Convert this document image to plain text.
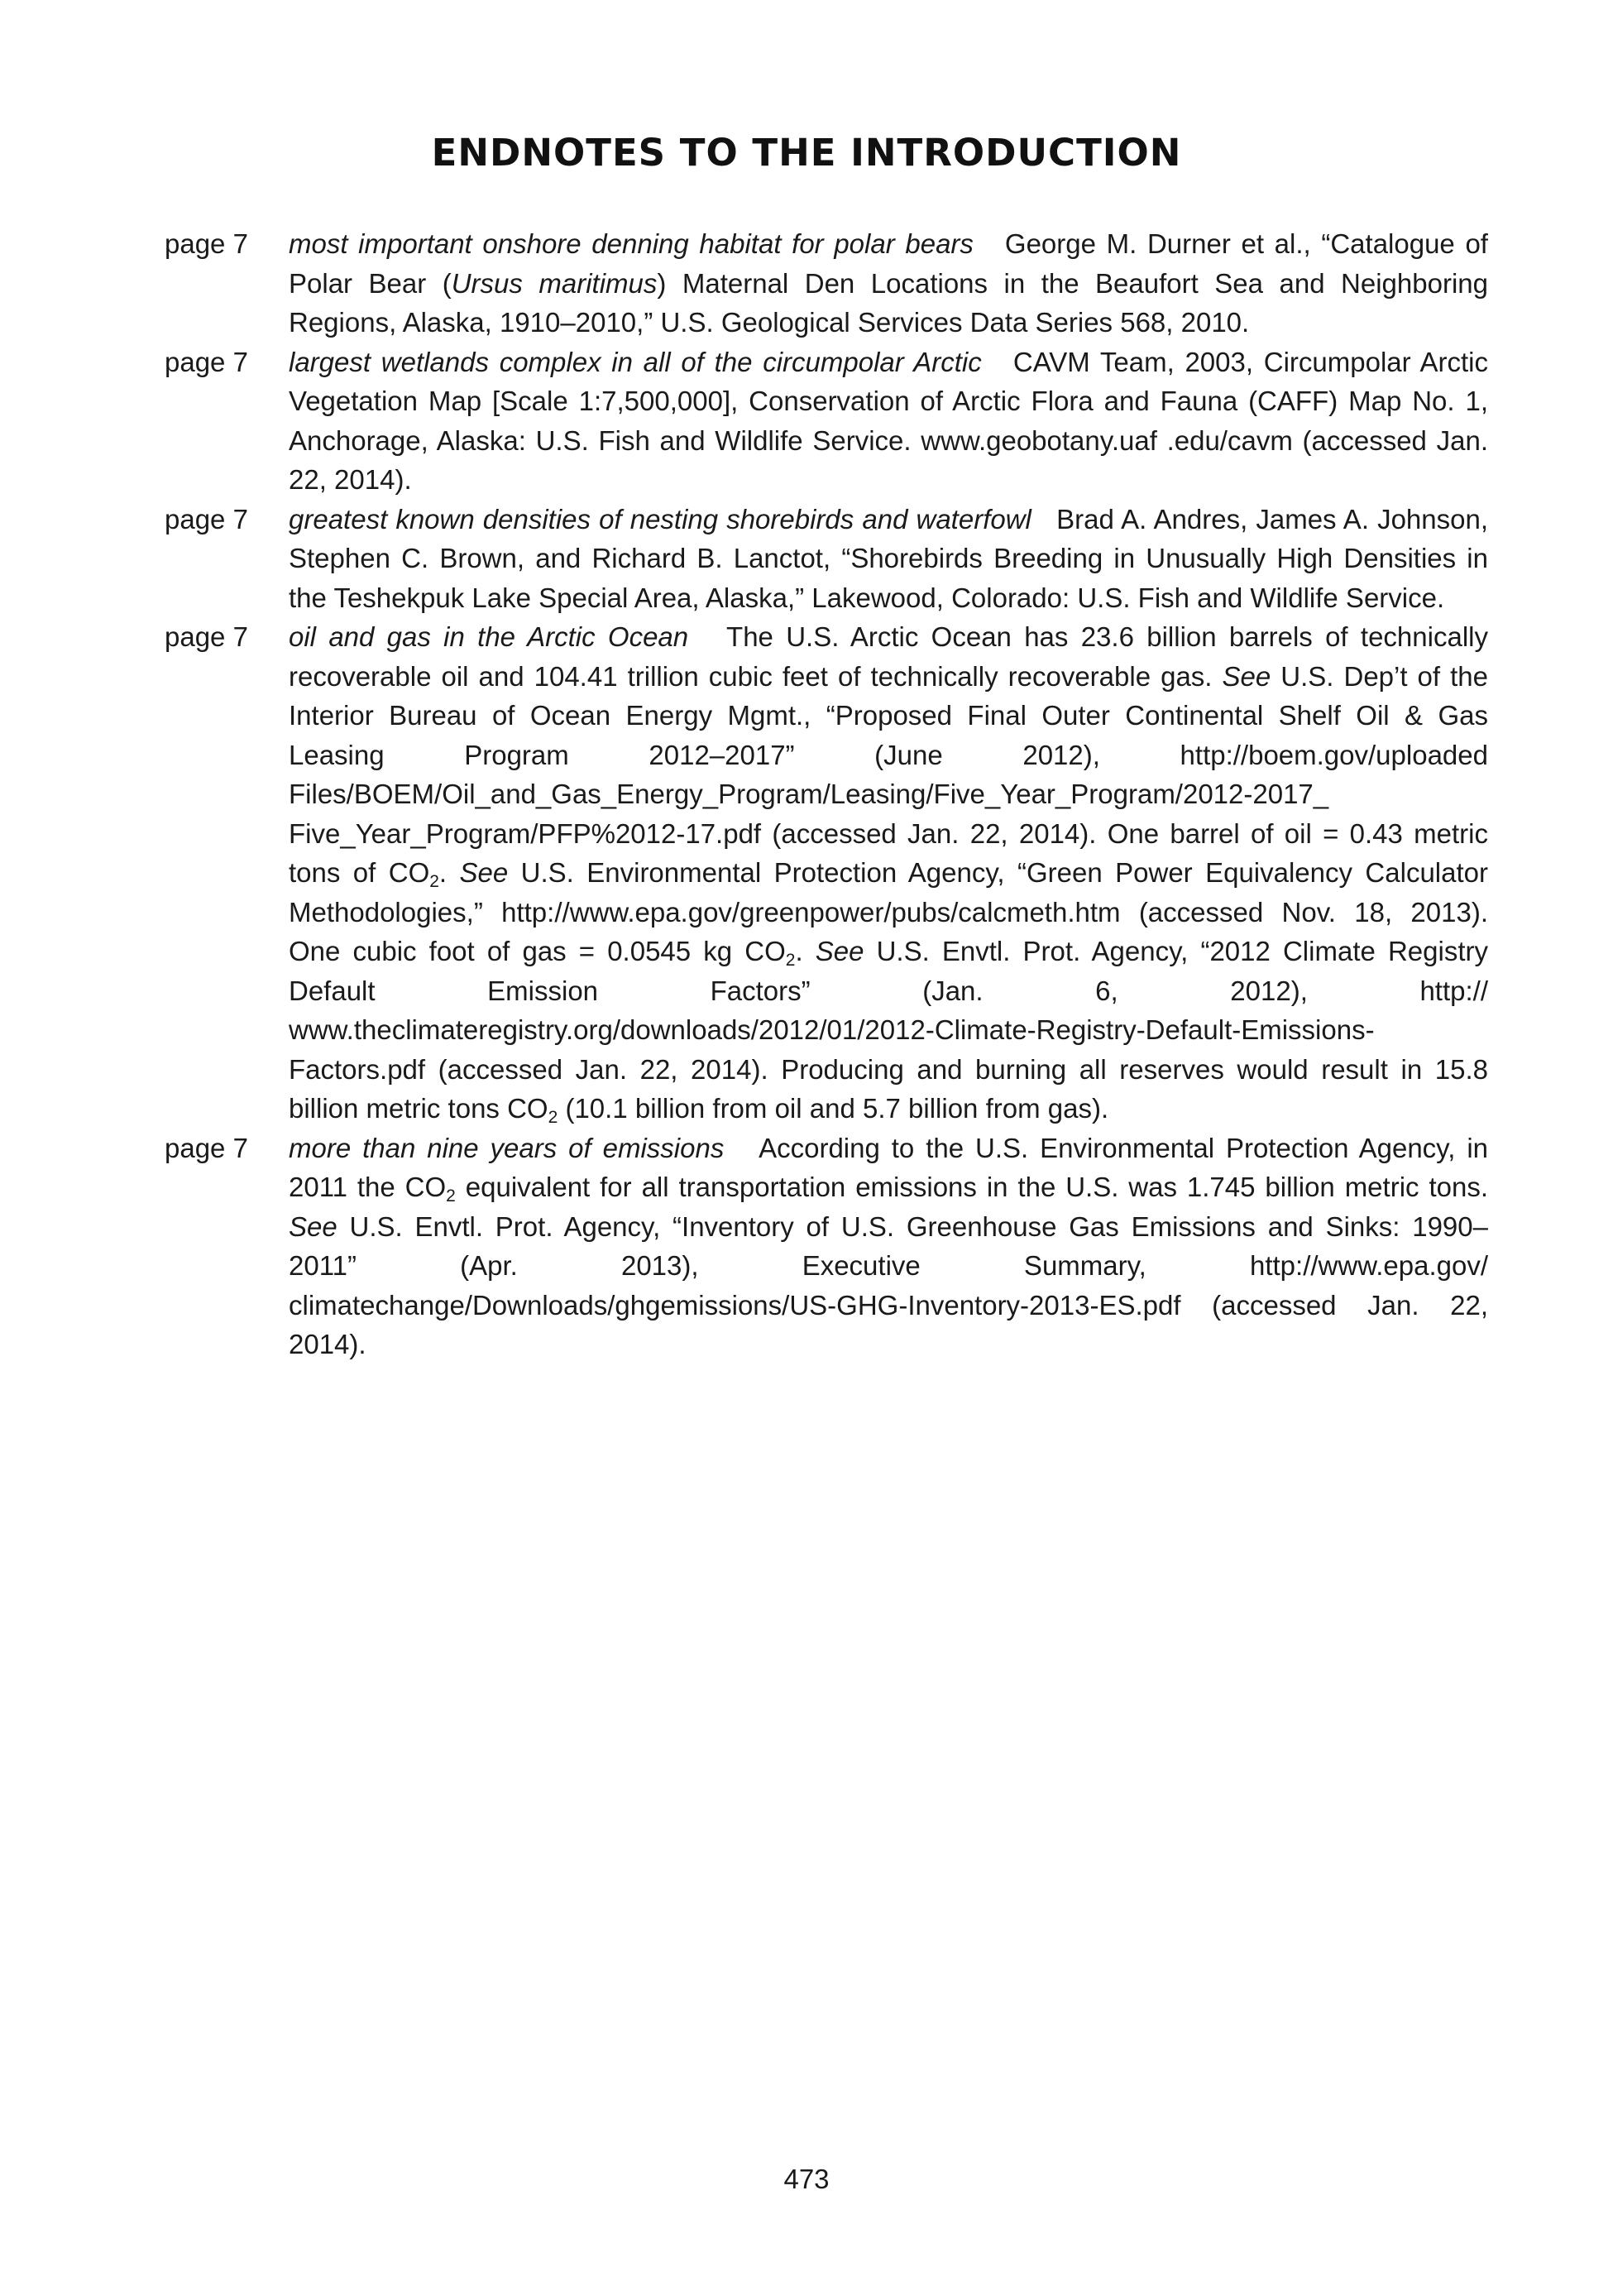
ENDNOTES TO THE INTRODUCTION
page 7	most important onshore denning habitat for polar bears George M. Durner et al., “Catalogue of Polar Bear (Ursus maritimus) Maternal Den Locations in the Beaufort Sea and Neighboring Regions, Alaska, 1910–2010,” U.S. Geological Services Data Series 568, 2010.
page 7	largest wetlands complex in all of the circumpolar Arctic CAVM Team, 2003, Circumpolar Arctic Vegetation Map [Scale 1:7,500,000], Conservation of Arctic Flora and Fauna (CAFF) Map No. 1, Anchorage, Alaska: U.S. Fish and Wildlife Service. www.geobotany.uaf .edu/cavm (accessed Jan. 22, 2014).
page 7	greatest known densities of nesting shorebirds and waterfowl Brad A. Andres, James A. Johnson, Stephen C. Brown, and Richard B. Lanctot, “Shorebirds Breeding in Unusually High Densities in the Teshekpuk Lake Special Area, Alaska,” Lakewood, Colorado: U.S. Fish and Wildlife Service.
page 7	oil and gas in the Arctic Ocean The U.S. Arctic Ocean has 23.6 billion barrels of technically recoverable oil and 104.41 trillion cubic feet of technically recoverable gas. See U.S. Dep’t of the Interior Bureau of Ocean Energy Mgmt., “Proposed Final Outer Continental Shelf Oil & Gas Leasing Program 2012–2017” (June 2012), http://boem.gov/uploaded Files/BOEM/Oil_and_Gas_Energy_Program/Leasing/Five_Year_Program/2012-2017_ Five_Year_Program/PFP%2012-17.pdf (accessed Jan. 22, 2014). One barrel of oil = 0.43 metric tons of $CO_2$. See U.S. Environmental Protection Agency, “Green Power Equivalency Calculator Methodologies,” http://www.epa.gov/greenpower/pubs/calcmeth.htm (accessed Nov. 18, 2013). One cubic foot of gas = 0.0545 kg $CO_2$. See U.S. Envtl. Prot. Agency, “2012 Climate Registry Default Emission Factors” (Jan. 6, 2012), http:// www.theclimateregistry.org/downloads/2012/01/2012-Climate-Registry-Default-Emissions-Factors.pdf (accessed Jan. 22, 2014). Producing and burning all reserves would result in 15.8 billion metric tons $CO_2$ (10.1 billion from oil and 5.7 billion from gas).
page 7	more than nine years of emissions According to the U.S. Environmental Protection Agency, in 2011 the $CO_2$ equivalent for all transportation emissions in the U.S. was 1.745 billion metric tons. See U.S. Envtl. Prot. Agency, “Inventory of U.S. Greenhouse Gas Emissions and Sinks: 1990–2011” (Apr. 2013), Executive Summary, http://www.epa.gov/ climatechange/Downloads/ghgemissions/US-GHG-Inventory-2013-ES.pdf (accessed Jan. 22, 2014).
473
